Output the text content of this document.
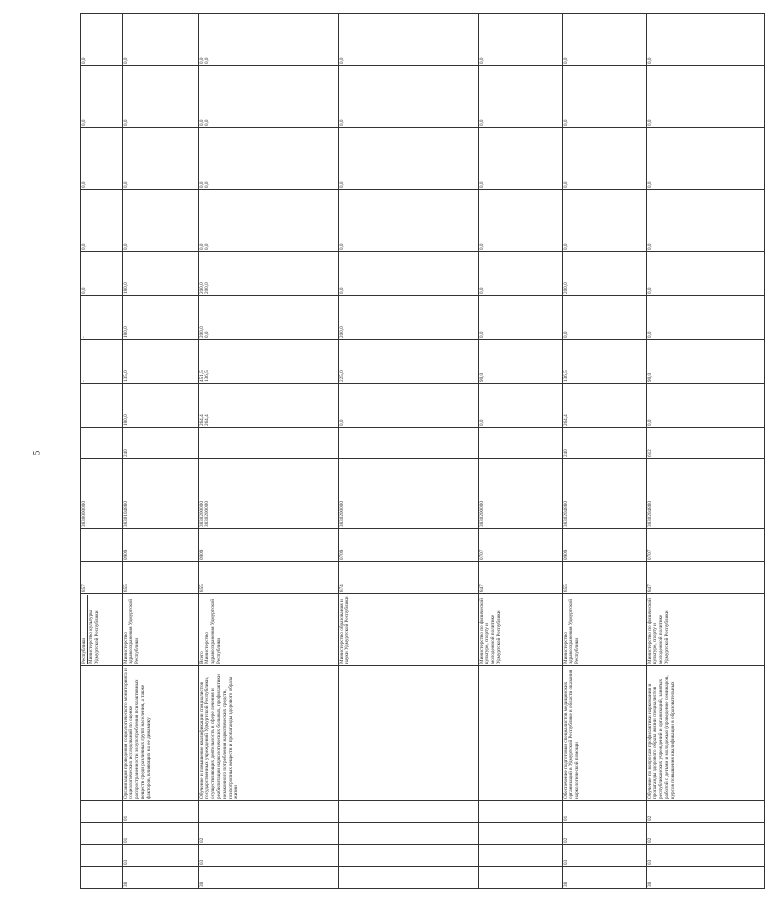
5

					Республики Министерство культуры Удмуртской Республики	857		3830000000			-	-	0,0	0,0	0,0	0,0	0,0

38	03	01	01	Организация проведения социологического мониторинга и социологических исследований по оценке распространенности злоупотребления психоактивных веществ среди различных групп населения, а также факторов, влияющих на ее динамику	Министерство здравоохранения Удмуртской Республики	855	0909	3830104880	240	180,0	135,0	180,0	180,0	0,0	0,0	0,0	0,0

38	03	02		Обучение и повышение квалификации специалистов государственных учреждений Удмуртской Республики, осуществляющих деятельность в сфере лечения и реабилитации наркологических больных, профилактики незаконного потребления наркотических средств, психотропных веществ и пропаганды здорового образа жизни	Всего Министерство здравоохранения Удмуртской Республики	855	0909	3830200000 3830200000		264,4 264,4	451,5 136,5	200,0 0,0	200,0 200,0	0,0 0,0	0,0 0,0	0,0 0,0	0,0 0,0

					Министерство образования и науки Удмуртской Республики	874	0709	3830200000		0,0	225,0	200,0	0,0	0,0	0,0	0,0	0,0

					Министерство по физической культуре, спорту и молодежной политике Удмуртской Республики	847	0707	3830200000		0,0	90,0	0,0	0,0	0,0	0,0	0,0	0,0

38	03	02	01	Обеспечение подготовки специалистов медицинских организаций в Удмуртской Республике в области оказания наркологической помощи	Министерство здравоохранения Удмуртской Республики	855	0909	3830204880	240	264,4	136,5	0,0	200,0	0,0	0,0	0,0	0,0

38	03	02	02	Обучение по вопросам профилактики наркомании и пропаганды здорового образа жизни специалистов республиканских учреждений и организаций, занятых работой с детьми и молодежью (проведение семинаров, курсов повышения квалификации в образовательных	Министерство по физической культуре, спорту и молодежной политике Удмуртской Республики	847	0707	3830204880	612	0,0	90,0	0,0	0,0	0,0	0,0	0,0	0,0
